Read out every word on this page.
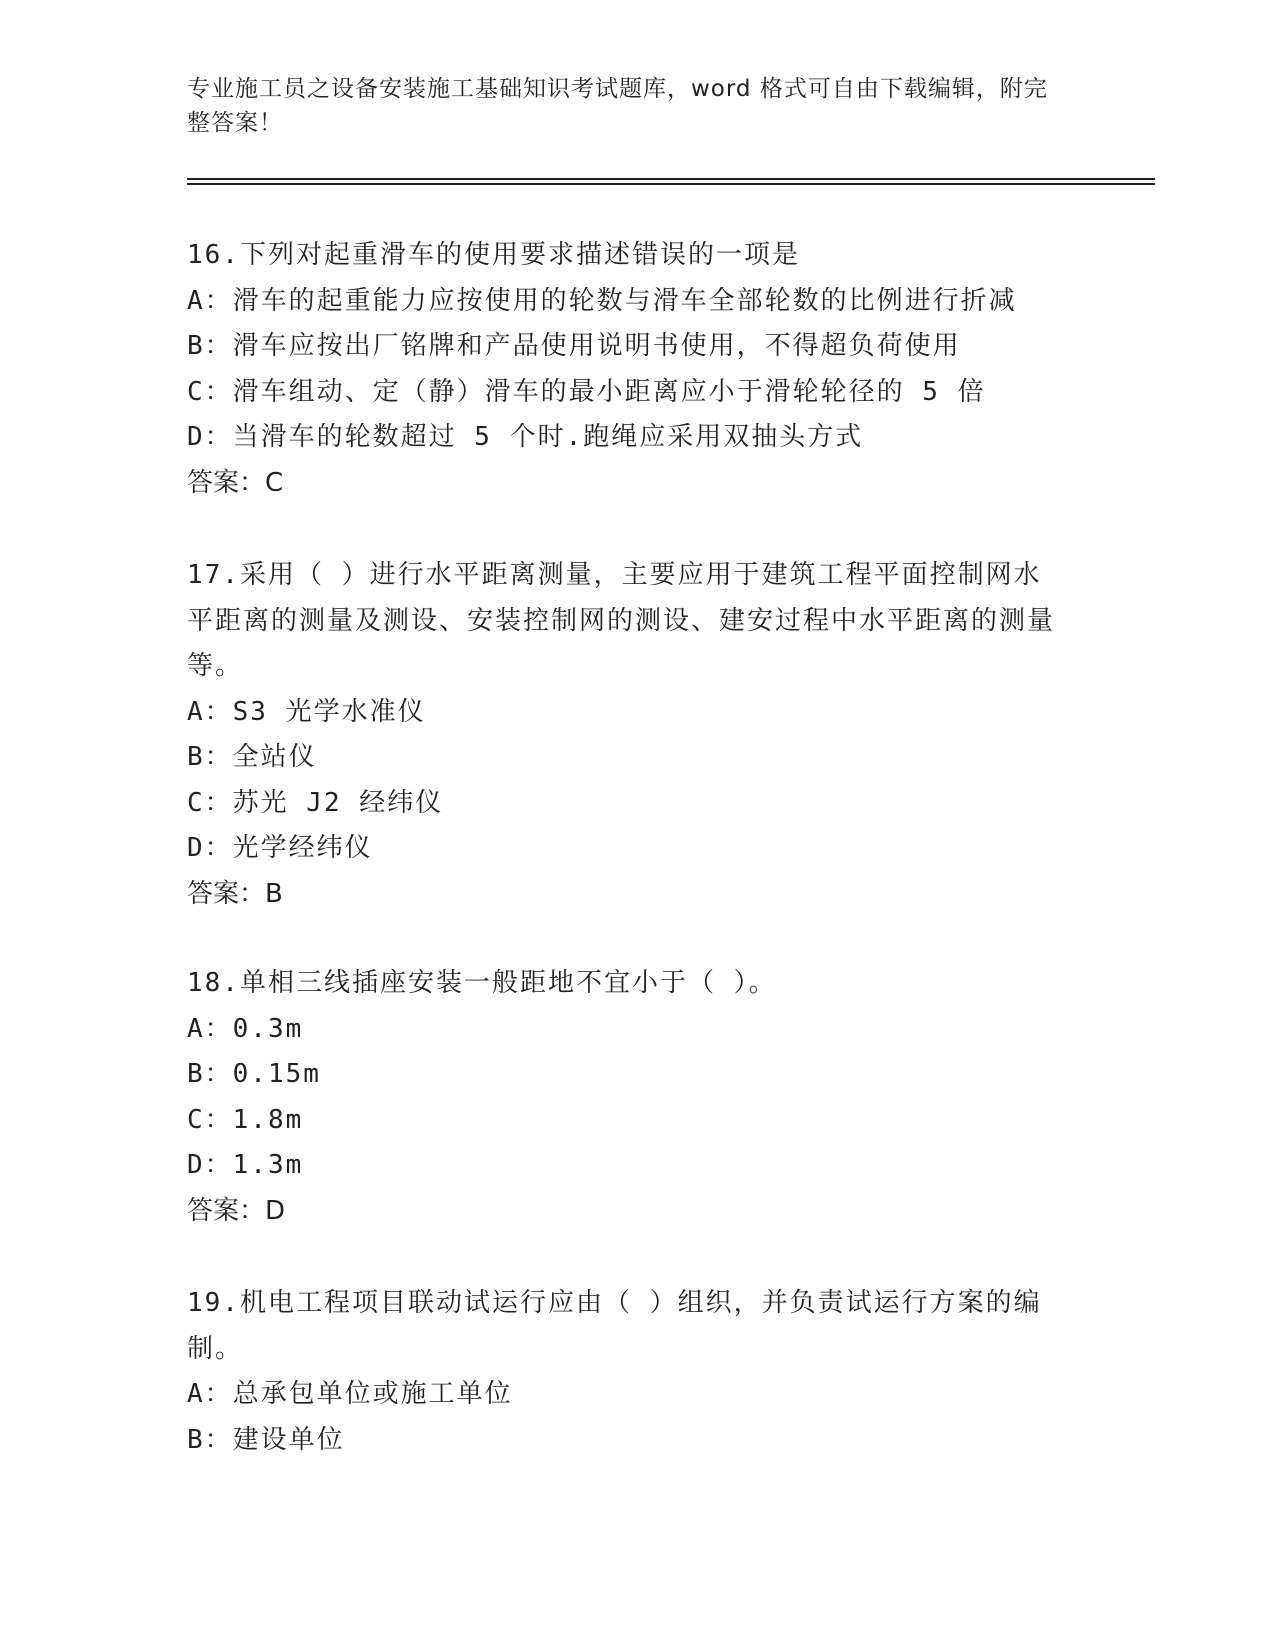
专业施工员之设备安装施工基础知识考试题库，word 格式可自由下载编辑，附完整答案！

16.下列对起重滑车的使用要求描述错误的一项是

A：滑车的起重能力应按使用的轮数与滑车全部轮数的比例进行折减

B：滑车应按出厂铭牌和产品使用说明书使用，不得超负荷使用

C：滑车组动、定（静）滑车的最小距离应小于滑轮轮径的 5 倍

D：当滑车的轮数超过 5 个时.跑绳应采用双抽头方式

答案：C

17.采用（ ）进行水平距离测量，主要应用于建筑工程平面控制网水平距离的测量及测设、安装控制网的测设、建安过程中水平距离的测量等。

A：S3 光学水准仪

B：全站仪

C：苏光 J2 经纬仪

D：光学经纬仪

答案：B

18.单相三线插座安装一般距地不宜小于（ ）。

A：0.3m

B：0.15m

C：1.8m

D：1.3m

答案：D

19.机电工程项目联动试运行应由（ ）组织，并负责试运行方案的编制。

A：总承包单位或施工单位

B：建设单位
